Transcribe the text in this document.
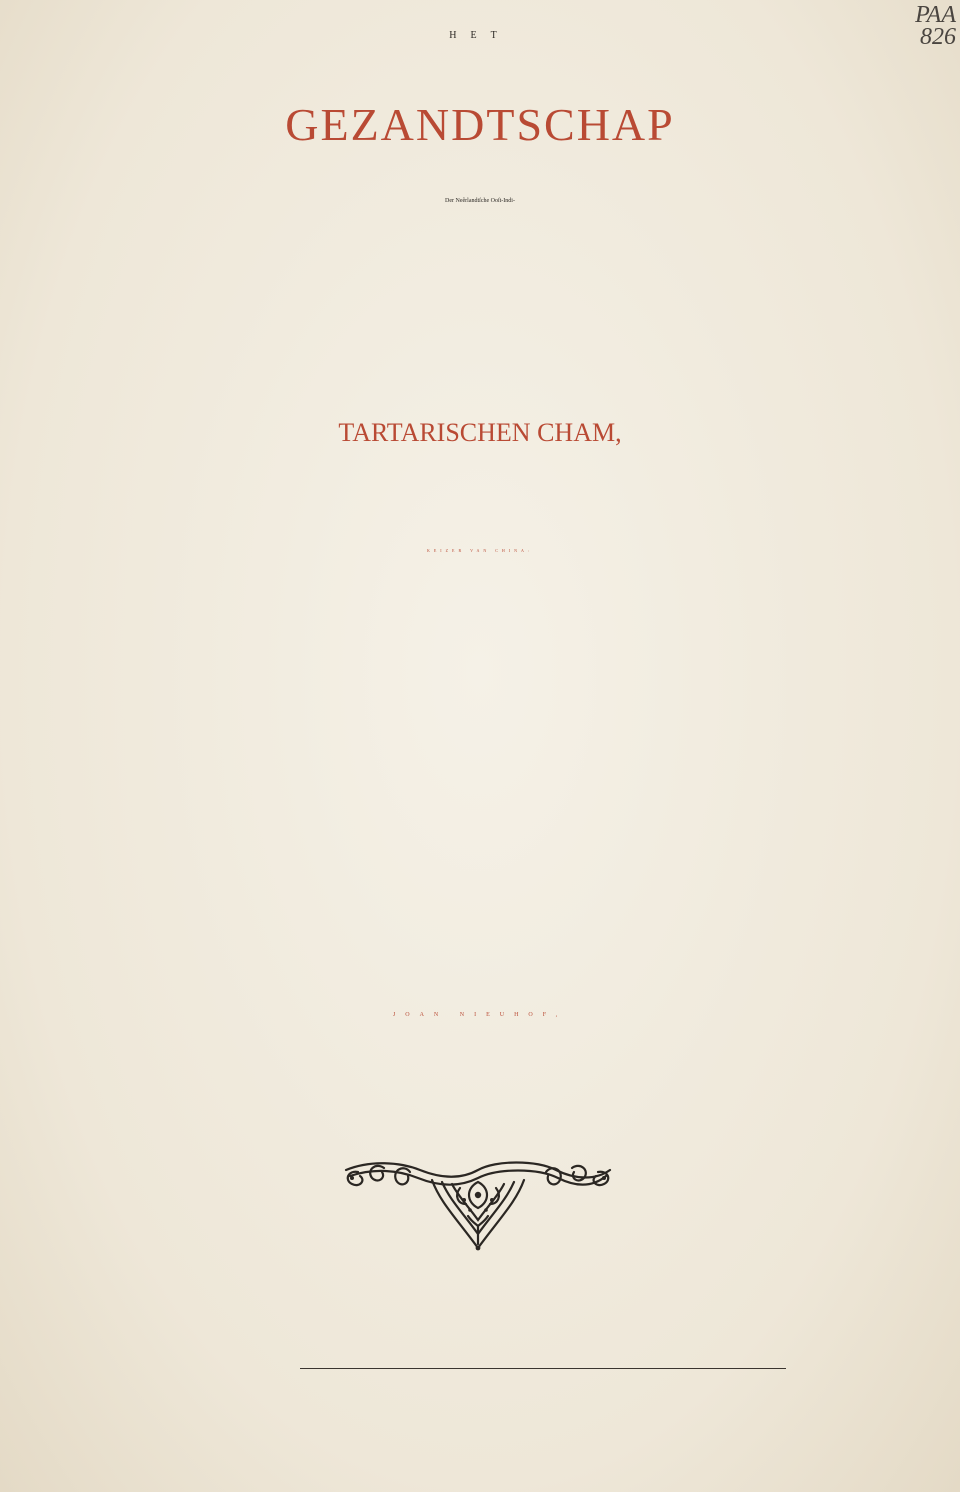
PAA
826

HET

GEZANDTSCHAP

Der Neêrlandtſche Ooſt-Indi-

TARTARISCHEN CHAM,

KEIZER VAN CHINA:

JOAN NIEUHOF,
